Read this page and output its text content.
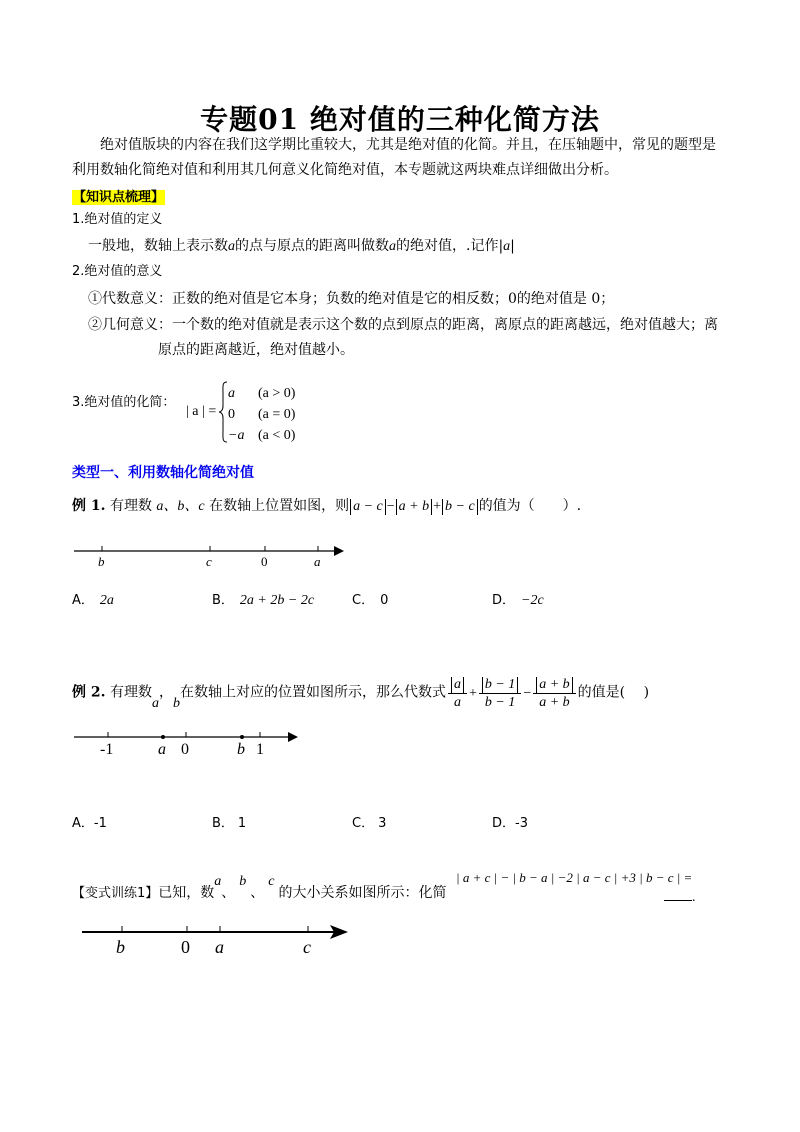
专题01 绝对值的三种化简方法
绝对值版块的内容在我们这学期比重较大，尤其是绝对值的化简。并且，在压轴题中，常见的题型是
利用数轴化简绝对值和利用其几何意义化简绝对值，本专题就这两块难点详细做出分析。
【知识点梳理】
1.绝对值的定义
一般地，数轴上表示数a的点与原点的距离叫做数a的绝对值，.记作|a|
2.绝对值的意义
①代数意义：正数的绝对值是它本身；负数的绝对值是它的相反数；0的绝对值是 0；
②几何意义：一个数的绝对值就是表示这个数的点到原点的距离，离原点的距离越远，绝对值越大；离
原点的距离越近，绝对值越小。
3.绝对值的化简：
| a | =
a (a > 0)
0 (a = 0)
−a (a < 0)
类型一、利用数轴化简绝对值
例 1. 有理数 a、b、c 在数轴上位置如图，则 a − c − a + b + b − c 的值为（　　）.
b	c	0	a
A． 2a	B． 2a + 2b − 2c	C． 0	D． −2c
例 2. 有理数a，b在数轴上对应的位置如图所示，那么代数式 $\frac{a}{a} + \frac{b - 1}{b - 1} - \frac{a + b}{a + b}$ 的值是(　 )
-1	a 0	b 1
A．-1	B． 1	C． 3	D．-3
【变式训练1】已知，数a、b、c的大小关系如图所示：化简
| a + c | − | b − a | −2 | a − c | +3 | b − c | =
.
b	0 a	c
